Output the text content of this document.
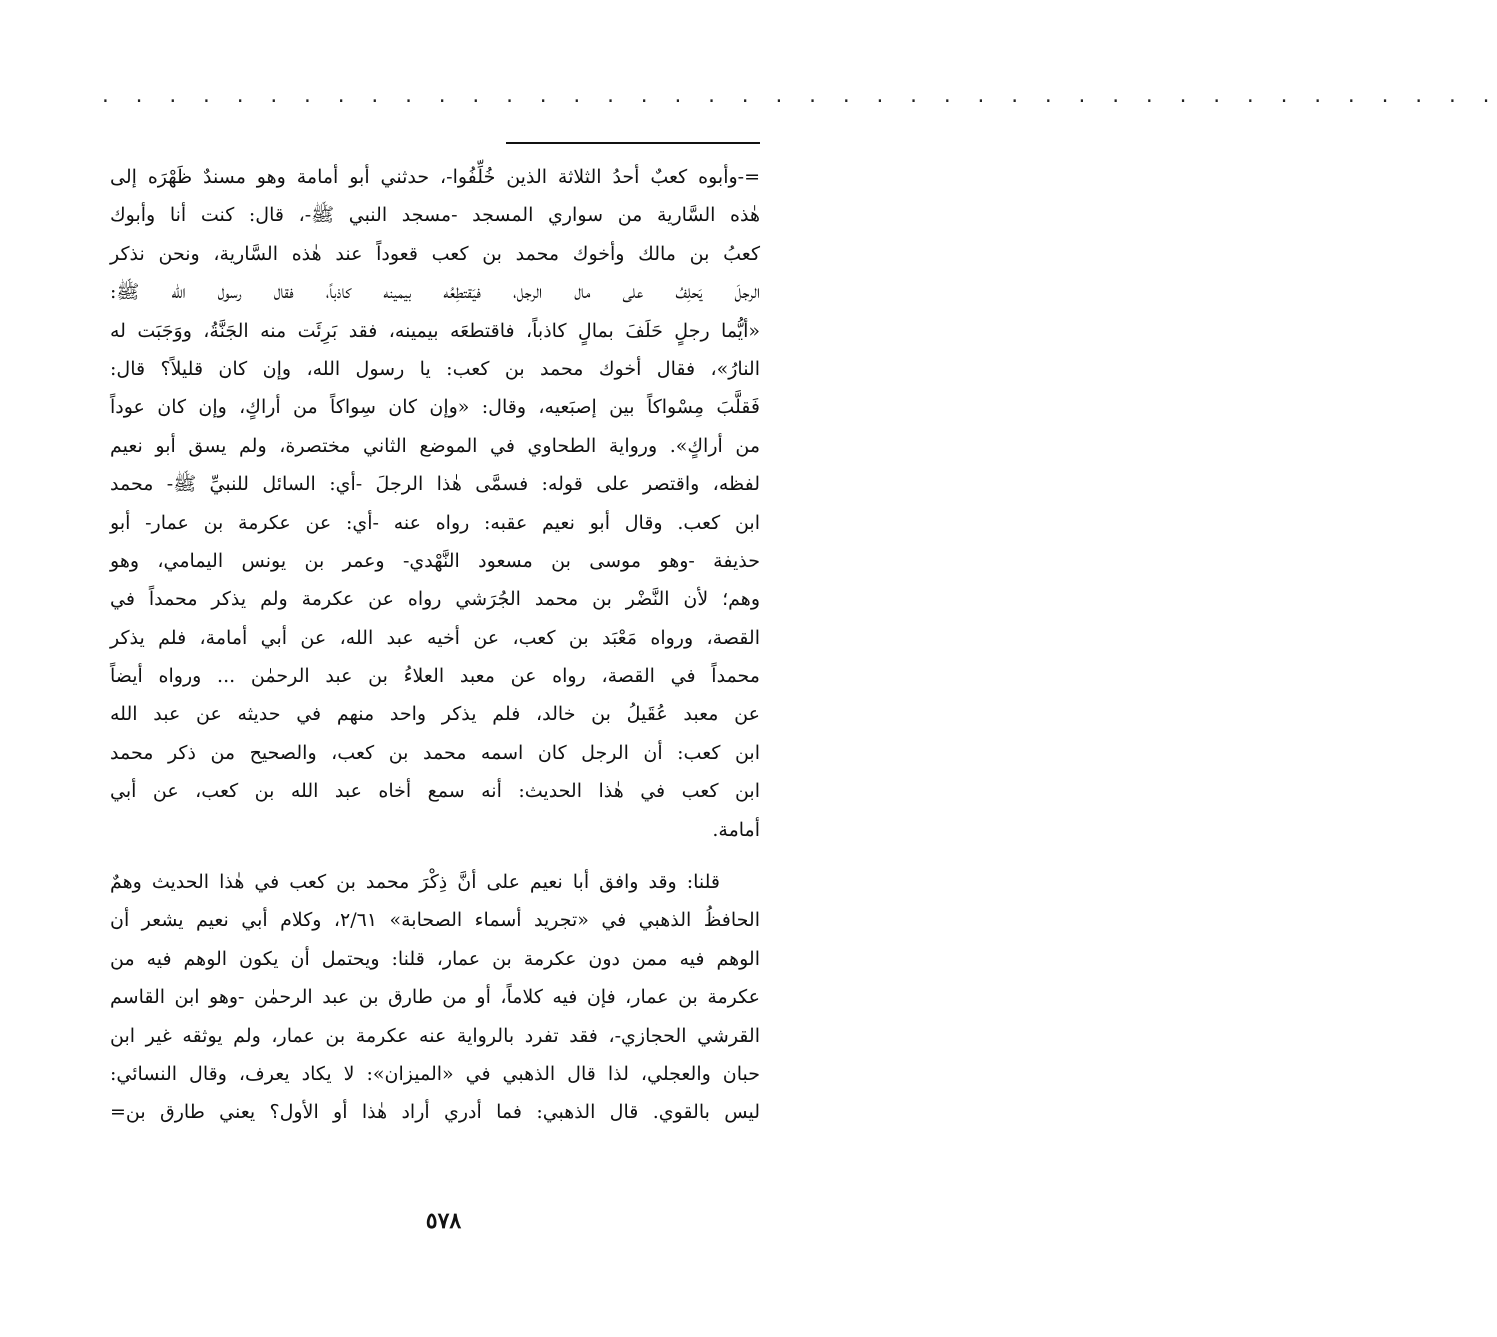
. . . . . . . . . . . . . . . . . . . . . . . . . . . . . . . . . . . . . . . . . .
=-وأبوه كعبٌ أحدُ الثلاثة الذين خُلِّفُوا-، حدثني أبو أمامة وهو مسندٌ ظَهْرَه إلى
هٰذه السَّارية من سواري المسجد -مسجد النبي ﷺ-، قال: كنت أنا وأبوك
كعبُ بن مالك وأخوك محمد بن كعب قعوداً عند هٰذه السَّارية، ونحن نذكر
الرجلَ يَحلِفُ على مال الرجل، فيَقتطِعُه بيمينه كاذباً، فقال رسول الله ﷺ:
«أيُّما رجلٍ حَلَفَ بمالٍ كاذباً، فاقتطعَه بيمينه، فقد بَرِئَت منه الجَنَّةُ، ووَجَبَت له
النارُ»، فقال أخوك محمد بن كعب: يا رسول الله، وإن كان قليلاً؟ قال:
فَقلَّبَ مِسْواكاً بين إصبَعيه، وقال: «وإن كان سِواكاً من أراكٍ، وإن كان عوداً
من أراكٍ». ورواية الطحاوي في الموضع الثاني مختصرة، ولم يسق أبو نعيم
لفظه، واقتصر على قوله: فسمَّى هٰذا الرجلَ -أي: السائل للنبيِّ ﷺ- محمد
ابن كعب. وقال أبو نعيم عقبه: رواه عنه -أي: عن عكرمة بن عمار- أبو
حذيفة -وهو موسى بن مسعود النَّهْدي- وعمر بن يونس اليمامي، وهو
وهم؛ لأن النَّضْر بن محمد الجُرَشي رواه عن عكرمة ولم يذكر محمداً في
القصة، ورواه مَعْبَد بن كعب، عن أخيه عبد الله، عن أبي أمامة، فلم يذكر
محمداً في القصة، رواه عن معبد العلاءُ بن عبد الرحمٰن ... ورواه أيضاً
عن معبد عُقَيلُ بن خالد، فلم يذكر واحد منهم في حديثه عن عبد الله
ابن كعب: أن الرجل كان اسمه محمد بن كعب، والصحيح من ذكر محمد
ابن كعب في هٰذا الحديث: أنه سمع أخاه عبد الله بن كعب، عن أبي
أمامة.
قلنا: وقد وافق أبا نعيم على أنَّ ذِكْرَ محمد بن كعب في هٰذا الحديث وهمٌ
الحافظُ الذهبي في «تجريد أسماء الصحابة» ٢/٦١، وكلام أبي نعيم يشعر أن
الوهم فيه ممن دون عكرمة بن عمار، قلنا: ويحتمل أن يكون الوهم فيه من
عكرمة بن عمار، فإن فيه كلاماً، أو من طارق بن عبد الرحمٰن -وهو ابن القاسم
القرشي الحجازي-، فقد تفرد بالرواية عنه عكرمة بن عمار، ولم يوثقه غير ابن
حبان والعجلي، لذا قال الذهبي في «الميزان»: لا يكاد يعرف، وقال النسائي:
ليس بالقوي. قال الذهبي: فما أدري أراد هٰذا أو الأول؟ يعني طارق بن=
٥٧٨
